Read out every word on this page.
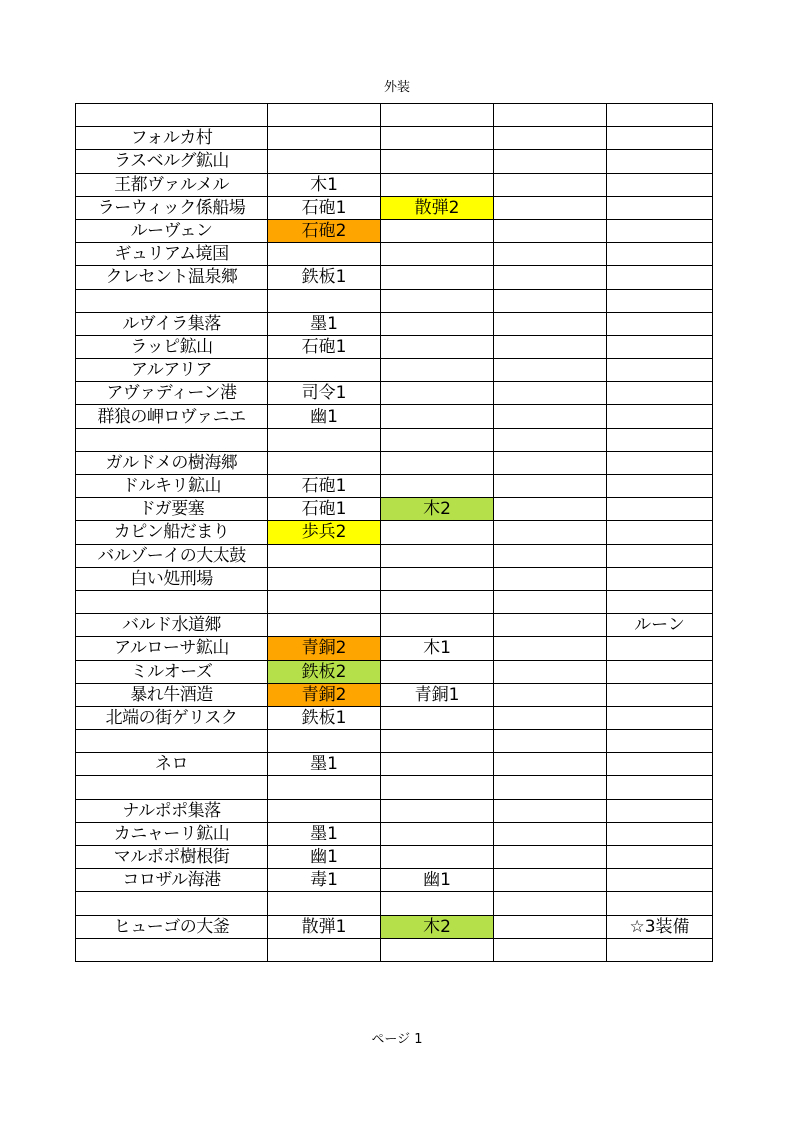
外装

フォルカ村				
ラスベルグ鉱山				
王都ヴァルメル	木1			
ラーウィック係船場	石砲1	散弾2		
ルーヴェン	石砲2			
ギュリアム境国				
クレセント温泉郷	鉄板1			

ルヴイラ集落	墨1			
ラッピ鉱山	石砲1			
アルアリア				
アヴァディーン港	司令1			
群狼の岬ロヴァニエ	幽1			

ガルドメの樹海郷				
ドルキリ鉱山	石砲1			
ドガ要塞	石砲1	木2		
カピン船だまり	歩兵2			
バルゾーイの大太鼓				
白い処刑場				

バルド水道郷				ルーン
アルローサ鉱山	青銅2	木1		
ミルオーズ	鉄板2			
暴れ牛酒造	青銅2	青銅1		
北端の街ゲリスク	鉄板1			

ネロ	墨1			

ナルポポ集落				
カニャーリ鉱山	墨1			
マルポポ樹根街	幽1			
コロザル海港	毒1	幽1		

ヒューゴの大釜	散弾1	木2		☆3装備

ページ 1
